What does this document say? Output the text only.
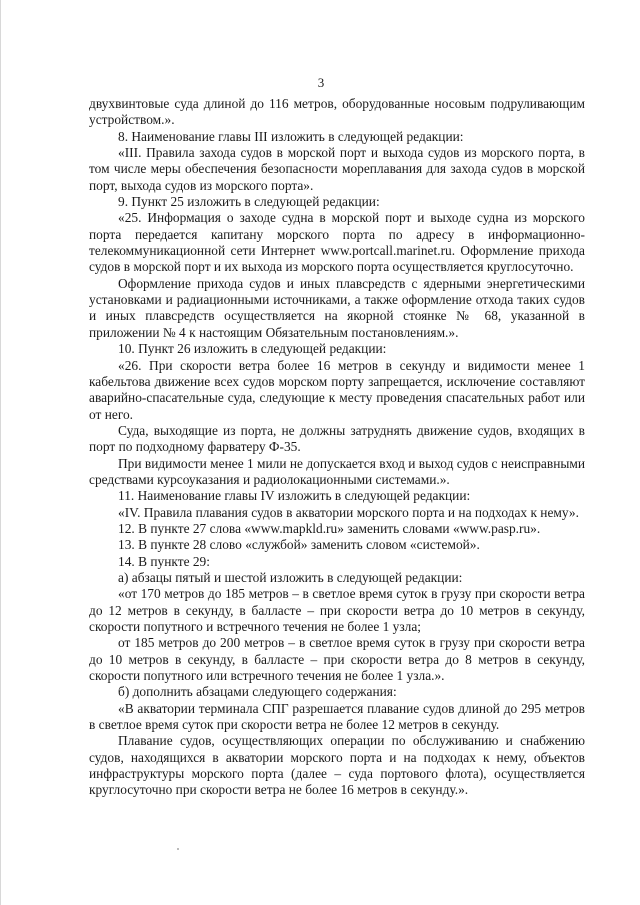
3

двухвинтовые суда длиной до 116 метров, оборудованные носовым подруливающим устройством.».

8. Наименование главы III изложить в следующей редакции:

«III. Правила захода судов в морской порт и выхода судов из морского порта, в том числе меры обеспечения безопасности мореплавания для захода судов в морской порт, выхода судов из морского порта».

9. Пункт 25 изложить в следующей редакции:

«25. Информация о заходе судна в морской порт и выходе судна из морского порта передается капитану морского порта по адресу в информационно-телекоммуникационной сети Интернет www.portcall.marinet.ru. Оформление прихода судов в морской порт и их выхода из морского порта осуществляется круглосуточно.

Оформление прихода судов и иных плавсредств с ядерными энергетическими установками и радиационными источниками, а также оформление отхода таких судов и иных плавсредств осуществляется на якорной стоянке № 68, указанной в приложении № 4 к настоящим Обязательным постановлениям.».

10. Пункт 26 изложить в следующей редакции:

«26. При скорости ветра более 16 метров в секунду и видимости менее 1 кабельтова движение всех судов морском порту запрещается, исключение составляют аварийно-спасательные суда, следующие к месту проведения спасательных работ или от него.

Суда, выходящие из порта, не должны затруднять движение судов, входящих в порт по подходному фарватеру Ф-35.

При видимости менее 1 мили не допускается вход и выход судов с неисправными средствами курсоуказания и радиолокационными системами.».

11. Наименование главы IV изложить в следующей редакции:

«IV. Правила плавания судов в акватории морского порта и на подходах к нему».

12. В пункте 27 слова «www.mapkld.ru» заменить словами «www.pasp.ru».

13. В пункте 28 слово «службой» заменить словом «системой».

14. В пункте 29:

а) абзацы пятый и шестой изложить в следующей редакции:

«от 170 метров до 185 метров – в светлое время суток в грузу при скорости ветра до 12 метров в секунду, в балласте – при скорости ветра до 10 метров в секунду, скорости попутного и встречного течения не более 1 узла;

от 185 метров до 200 метров – в светлое время суток в грузу при скорости ветра до 10 метров в секунду, в балласте – при скорости ветра до 8 метров в секунду, скорости попутного или встречного течения не более 1 узла.».

б) дополнить абзацами следующего содержания:

«В акватории терминала СПГ разрешается плавание судов длиной до 295 метров в светлое время суток при скорости ветра не более 12 метров в секунду.

Плавание судов, осуществляющих операции по обслуживанию и снабжению судов, находящихся в акватории морского порта и на подходах к нему, объектов инфраструктуры морского порта (далее – суда портового флота), осуществляется круглосуточно при скорости ветра не более 16 метров в секунду.».
